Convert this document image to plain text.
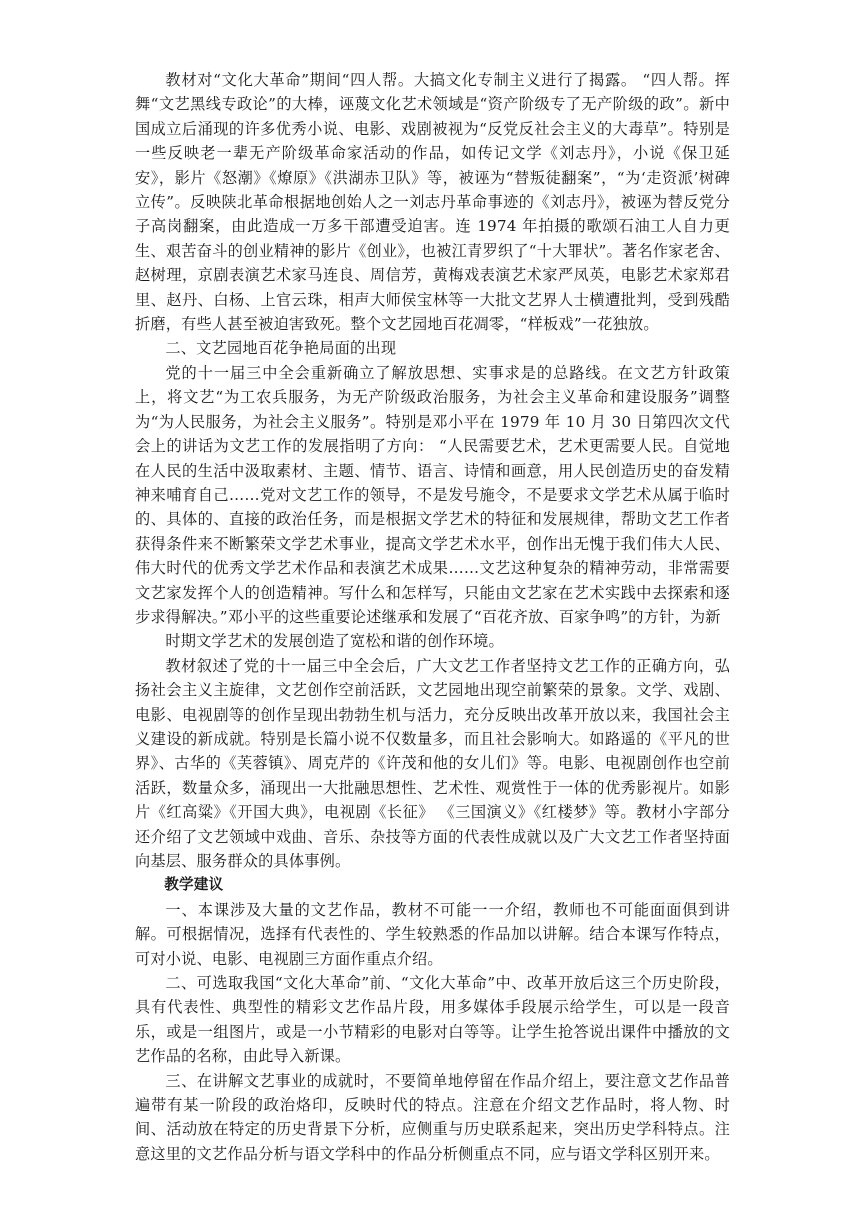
教材对“文化大革命”期间“四人帮。大搞文化专制主义进行了揭露。 “四人帮。挥舞“文艺黑线专政论”的大棒，诬蔑文化艺术领域是“资产阶级专了无产阶级的政”。新中国成立后涌现的许多优秀小说、电影、戏剧被视为“反党反社会主义的大毒草”。特别是一些反映老一辈无产阶级革命家活动的作品，如传记文学《刘志丹》，小说《保卫延安》，影片《怒潮》《燎原》《洪湖赤卫队》等，被诬为“替叛徒翻案”，“为‘走资派’树碑立传”。反映陕北革命根据地创始人之一刘志丹革命事迹的《刘志丹》，被诬为替反党分子高岗翻案，由此造成一万多干部遭受迫害。连 1974 年拍摄的歌颂石油工人自力更生、艰苦奋斗的创业精神的影片《创业》，也被江青罗织了“十大罪状”。著名作家老舍、赵树理，京剧表演艺术家马连良、周信芳，黄梅戏表演艺术家严凤英，电影艺术家郑君里、赵丹、白杨、上官云珠，相声大师侯宝林等一大批文艺界人士横遭批判，受到残酷折磨，有些人甚至被迫害致死。整个文艺园地百花凋零，“样板戏”一花独放。

二、文艺园地百花争艳局面的出现

党的十一届三中全会重新确立了解放思想、实事求是的总路线。在文艺方针政策上，将文艺“为工农兵服务，为无产阶级政治服务，为社会主义革命和建设服务”调整为“为人民服务，为社会主义服务”。特别是邓小平在 1979 年 10 月 30 日第四次文代会上的讲话为文艺工作的发展指明了方向： “人民需要艺术，艺术更需要人民。自觉地在人民的生活中汲取素材、主题、情节、语言、诗情和画意，用人民创造历史的奋发精神来哺育自己……党对文艺工作的领导，不是发号施令，不是要求文学艺术从属于临时的、具体的、直接的政治任务，而是根据文学艺术的特征和发展规律，帮助文艺工作者获得条件来不断繁荣文学艺术事业，提高文学艺术水平，创作出无愧于我们伟大人民、伟大时代的优秀文学艺术作品和表演艺术成果……文艺这种复杂的精神劳动，非常需要文艺家发挥个人的创造精神。写什么和怎样写，只能由文艺家在艺术实践中去探索和逐步求得解决。”邓小平的这些重要论述继承和发展了“百花齐放、百家争鸣”的方针，为新

时期文学艺术的发展创造了宽松和谐的创作环境。

教材叙述了党的十一届三中全会后，广大文艺工作者坚持文艺工作的正确方向，弘扬社会主义主旋律，文艺创作空前活跃，文艺园地出现空前繁荣的景象。文学、戏剧、电影、电视剧等的创作呈现出勃勃生机与活力，充分反映出改革开放以来，我国社会主义建设的新成就。特别是长篇小说不仅数量多，而且社会影响大。如路遥的《平凡的世界》、古华的《芙蓉镇》、周克芹的《许茂和他的女儿们》等。电影、电视剧创作也空前活跃，数量众多，涌现出一大批融思想性、艺术性、观赏性于一体的优秀影视片。如影片《红高粱》《开国大典》，电视剧《长征》 《三国演义》《红楼梦》等。教材小字部分还介绍了文艺领域中戏曲、音乐、杂技等方面的代表性成就以及广大文艺工作者坚持面向基层、服务群众的具体事例。

教学建议

一、本课涉及大量的文艺作品，教材不可能一一介绍，教师也不可能面面俱到讲解。可根据情况，选择有代表性的、学生较熟悉的作品加以讲解。结合本课写作特点，可对小说、电影、电视剧三方面作重点介绍。

二、可选取我国“文化大革命”前、“文化大革命”中、改革开放后这三个历史阶段，具有代表性、典型性的精彩文艺作品片段，用多媒体手段展示给学生，可以是一段音乐，或是一组图片，或是一小节精彩的电影对白等等。让学生抢答说出课件中播放的文艺作品的名称，由此导入新课。

三、在讲解文艺事业的成就时，不要简单地停留在作品介绍上，要注意文艺作品普遍带有某一阶段的政治烙印，反映时代的特点。注意在介绍文艺作品时，将人物、时间、活动放在特定的历史背景下分析，应侧重与历史联系起来，突出历史学科特点。注意这里的文艺作品分析与语文学科中的作品分析侧重点不同，应与语文学科区别开来。
